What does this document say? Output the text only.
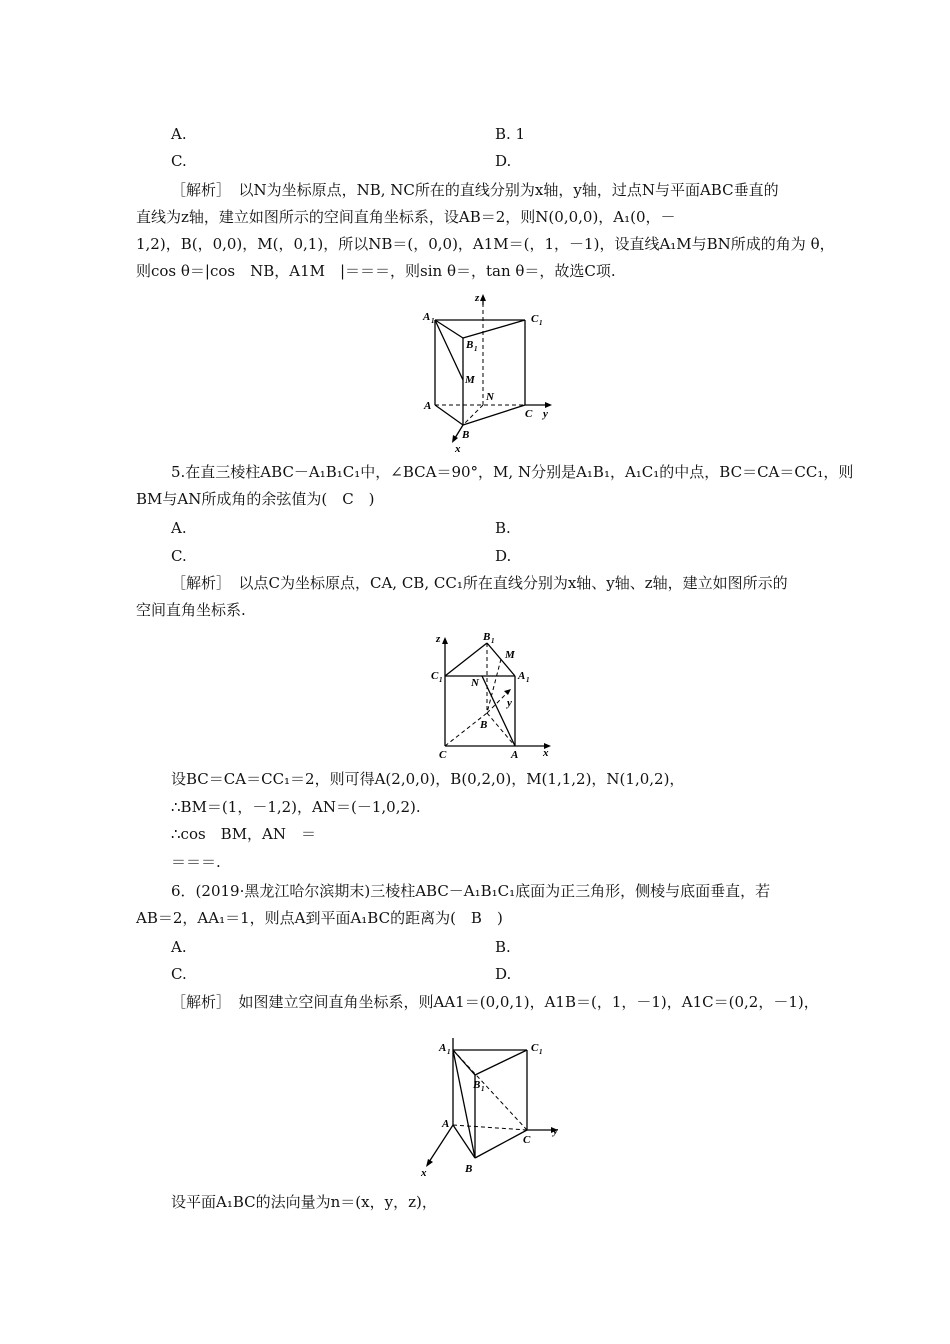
A.	B. 1
C.	D.
［解析］　以N为坐标原点，NB, NC所在的直线分别为x轴，y轴，过点N与平面ABC垂直的
直线为z轴，建立如图所示的空间直角坐标系，设AB＝2，则N(0,0,0)，A₁(0，－
1,2)，B(，0,0)，M(，0,1)，所以NB＝(，0,0)，A1M＝(，1，－1)，设直线A₁M与BN所成的角为 θ，
则cos θ＝|cos　NB，A1M　|＝＝＝，则sin θ＝，tan θ＝，故选C项.
A 1	C 1
B 1
M
A
N
C
B
y
x
z
5.在直三棱柱ABC－A₁B₁C₁中，∠BCA＝90°，M, N分别是A₁B₁，A₁C₁的中点，BC＝CA＝CC₁，则
BM与AN所成角的余弦值为(　C　)
A.	B.
C.	D.
［解析］　以点C为坐标原点，CA, CB, CC₁所在直线分别为x轴、y轴、z轴，建立如图所示的
空间直角坐标系.
z	B 1
M
C 1	N
A 1
y
B
C	A x
设BC＝CA＝CC₁＝2，则可得A(2,0,0)，B(0,2,0)，M(1,1,2)，N(1,0,2)，
∴BM＝(1，－1,2)，AN＝(－1,0,2).
∴cos　BM，AN　＝
＝＝＝.
6．(2019·黑龙江哈尔滨期末)三棱柱ABC－A₁B₁C₁底面为正三角形，侧棱与底面垂直，若
AB＝2，AA₁＝1，则点A到平面A₁BC的距离为(　B　)
A.	B.
C.	D.
［解析］　如图建立空间直角坐标系，则AA1＝(0,0,1)，A1B＝(，1，－1)，A1C＝(0,2，－1)，
A 1	C 1
B 1
A
C
y
x	B
设平面A₁BC的法向量为n＝(x，y，z)，
